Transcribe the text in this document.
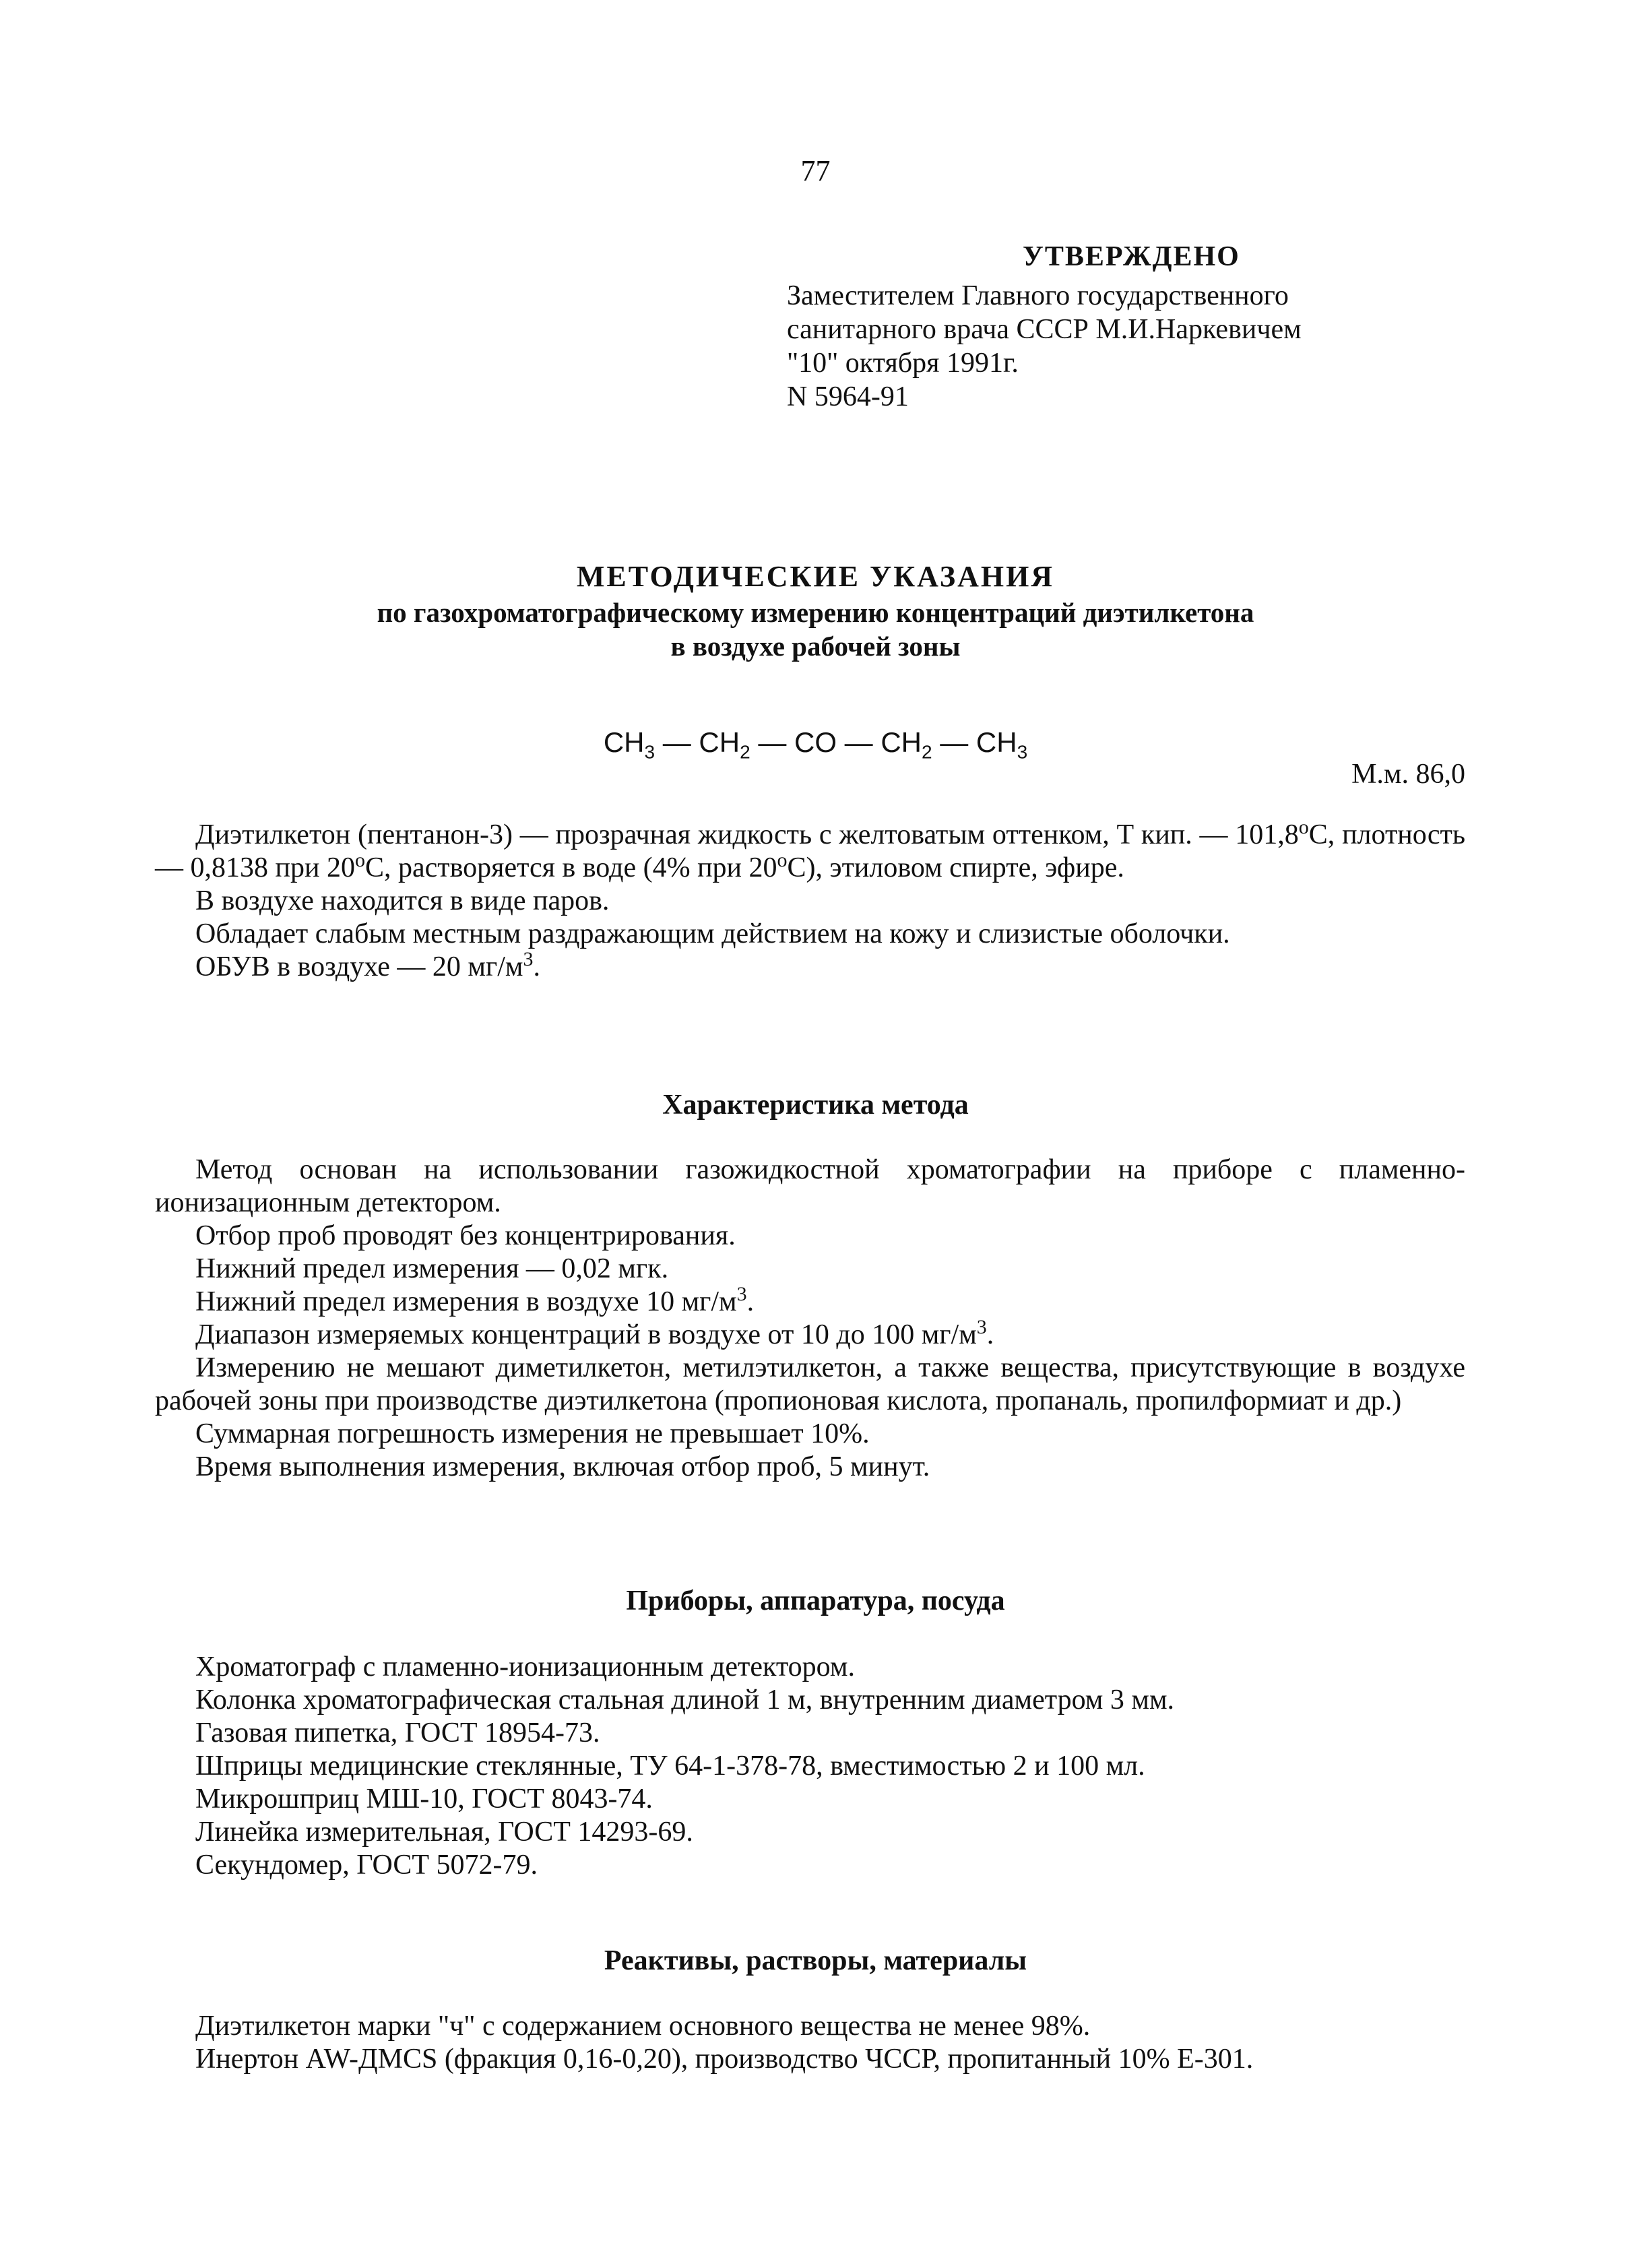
77
УТВЕРЖДЕНО
Заместителем Главного государственного
санитарного врача СССР М.И.Наркевичем
"10" октября 1991г.
N 5964-91
МЕТОДИЧЕСКИЕ УКАЗАНИЯ
по газохроматографическому измерению концентраций диэтилкетона
в воздухе рабочей зоны
$CH_3$ — $CH_2$ — CO — $CH_2$ — $CH_3$
М.м. 86,0

Диэтилкетон (пентанон-3) — прозрачная жидкость с желтоватым оттенком, Т кип. — 101,8$^o$С, плотность — 0,8138 при 20$^o$С, растворяется в воде (4% при 20$^o$С), этиловом спирте, эфире.

В воздухе находится в виде паров.

Обладает слабым местным раздражающим действием на кожу и слизистые оболочки.

ОБУВ в воздухе — 20 $мг/м^3$.

Характеристика метода

Метод основан на использовании газожидкостной хроматографии на приборе с пламенно-ионизационным детектором.

Отбор проб проводят без концентрирования.

Нижний предел измерения — 0,02 мгк.

Нижний предел измерения в воздухе 10 $мг/м^3$.

Диапазон измеряемых концентраций в воздухе от 10 до 100 $мг/м^3$.

Измерению не мешают диметилкетон, метилэтилкетон, а также вещества, присутствующие в воздухе рабочей зоны при производстве диэтилкетона (пропионовая кислота, пропаналь, пропилформиат и др.)

Суммарная погрешность измерения не превышает 10%.

Время выполнения измерения, включая отбор проб, 5 минут.

Приборы, аппаратура, посуда

Хроматограф с пламенно-ионизационным детектором.

Колонка хроматографическая стальная длиной 1 м, внутренним диаметром 3 мм.

Газовая пипетка, ГОСТ 18954-73.

Шприцы медицинские стеклянные, ТУ 64-1-378-78, вместимостью 2 и 100 мл.

Микрошприц МШ-10, ГОСТ 8043-74.

Линейка измерительная, ГОСТ 14293-69.

Секундомер, ГОСТ 5072-79.

Реактивы, растворы, материалы

Диэтилкетон марки "ч" с содержанием основного вещества не менее 98%.

Инертон AW-ДМCS (фракция 0,16-0,20), производство ЧССР, пропитанный 10% Е-301.
